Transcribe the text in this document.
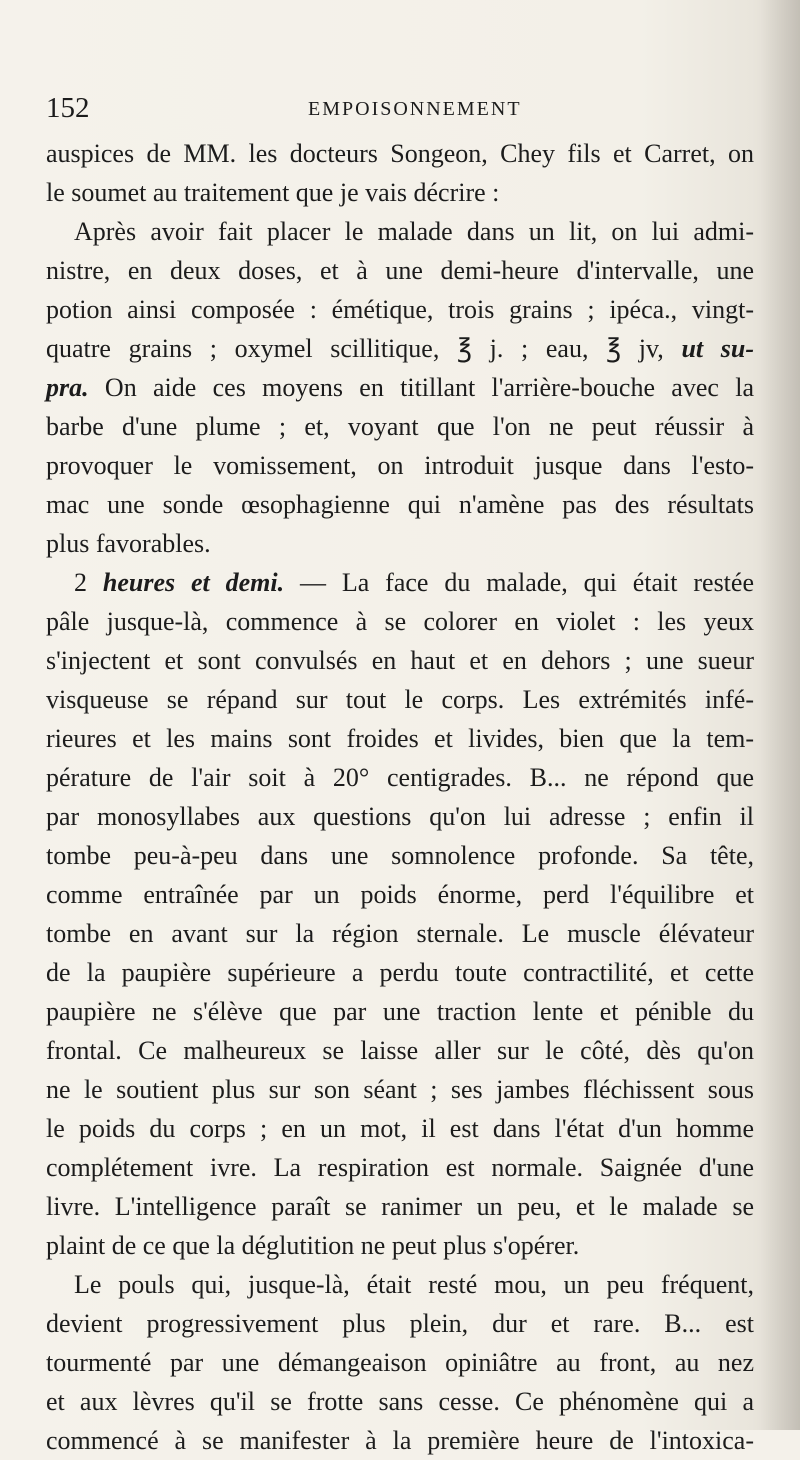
152	EMPOISONNEMENT
auspices de MM. les docteurs Songeon, Chey fils et Carret, on
le soumet au traitement que je vais décrire :
Après avoir fait placer le malade dans un lit, on lui admi-
nistre, en deux doses, et à une demi-heure d'intervalle, une
potion ainsi composée : émétique, trois grains ; ipéca., vingt-
quatre grains ; oxymel scillitique, ℥ j. ; eau, ℥ jv, ut su-
pra. On aide ces moyens en titillant l'arrière-bouche avec la
barbe d'une plume ; et, voyant que l'on ne peut réussir à
provoquer le vomissement, on introduit jusque dans l'esto-
mac une sonde œsophagienne qui n'amène pas des résultats
plus favorables.
2 heures et demi. — La face du malade, qui était restée
pâle jusque-là, commence à se colorer en violet : les yeux
s'injectent et sont convulsés en haut et en dehors ; une sueur
visqueuse se répand sur tout le corps. Les extrémités infé-
rieures et les mains sont froides et livides, bien que la tem-
pérature de l'air soit à 20° centigrades. B... ne répond que
par monosyllabes aux questions qu'on lui adresse ; enfin il
tombe peu-à-peu dans une somnolence profonde. Sa tête,
comme entraînée par un poids énorme, perd l'équilibre et
tombe en avant sur la région sternale. Le muscle élévateur
de la paupière supérieure a perdu toute contractilité, et cette
paupière ne s'élève que par une traction lente et pénible du
frontal. Ce malheureux se laisse aller sur le côté, dès qu'on
ne le soutient plus sur son séant ; ses jambes fléchissent sous
le poids du corps ; en un mot, il est dans l'état d'un homme
complétement ivre. La respiration est normale. Saignée d'une
livre. L'intelligence paraît se ranimer un peu, et le malade se
plaint de ce que la déglutition ne peut plus s'opérer.
Le pouls qui, jusque-là, était resté mou, un peu fréquent,
devient progressivement plus plein, dur et rare. B... est
tourmenté par une démangeaison opiniâtre au front, au nez
et aux lèvres qu'il se frotte sans cesse. Ce phénomène qui a
commencé à se manifester à la première heure de l'intoxica-
